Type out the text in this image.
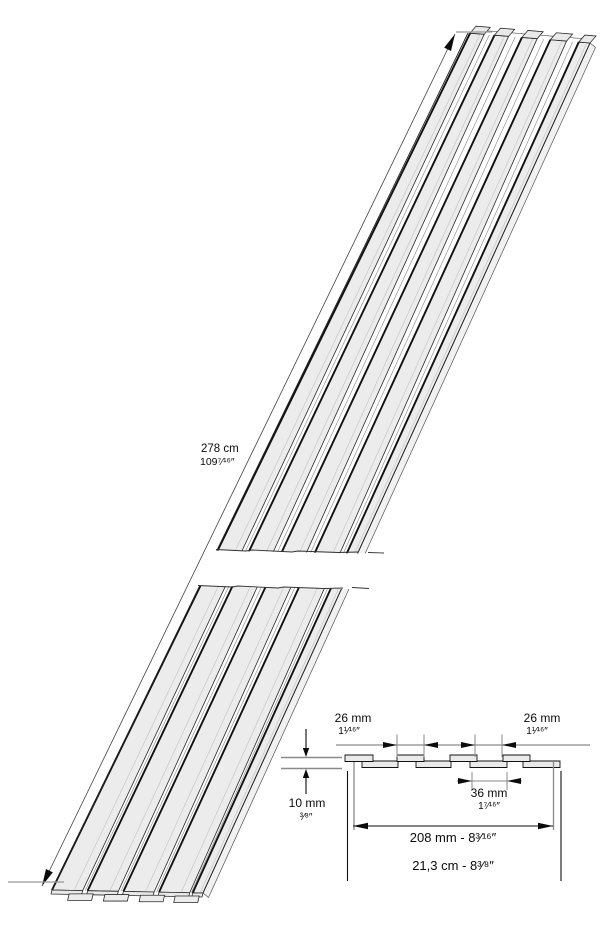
278 cm
109⁷⁄¹⁶″
26 mm
1¹⁄¹⁶″
26 mm
1¹⁄¹⁶″
10 mm
³⁄⁸″
36 mm
1⁷⁄¹⁶″
208 mm - 8³⁄¹⁶″
21,3 cm - 8³⁄⁸″
